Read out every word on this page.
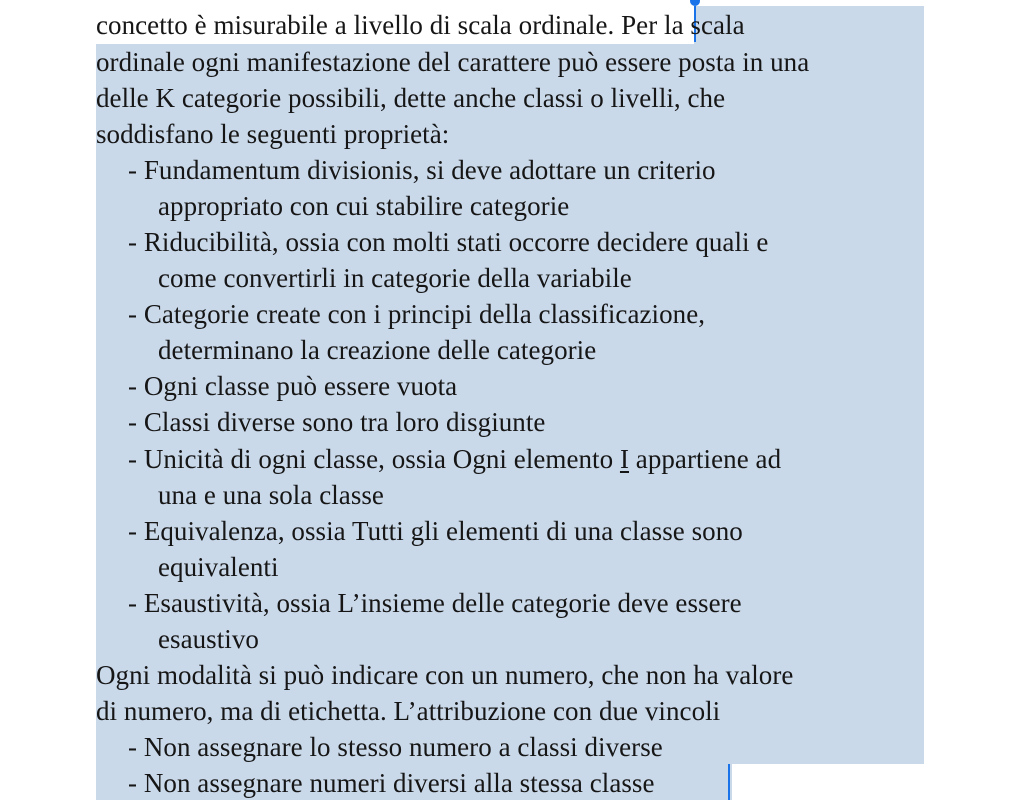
concetto è misurabile a livello di scala ordinale. Per la scala
ordinale ogni manifestazione del carattere può essere posta in una
delle K categorie possibili, dette anche classi o livelli, che
soddisfano le seguenti proprietà:
- Fundamentum divisionis, si deve adottare un criterio
appropriato con cui stabilire categorie
- Riducibilità, ossia con molti stati occorre decidere quali e
come convertirli in categorie della variabile
- Categorie create con i principi della classificazione,
determinano la creazione delle categorie
- Ogni classe può essere vuota
- Classi diverse sono tra loro disgiunte
- Unicità di ogni classe, ossia Ogni elemento I appartiene ad
una e una sola classe
- Equivalenza, ossia Tutti gli elementi di una classe sono
equivalenti
- Esaustività, ossia L’insieme delle categorie deve essere
esaustivo
Ogni modalità si può indicare con un numero, che non ha valore
di numero, ma di etichetta. L’attribuzione con due vincoli
- Non assegnare lo stesso numero a classi diverse
- Non assegnare numeri diversi alla stessa classe
